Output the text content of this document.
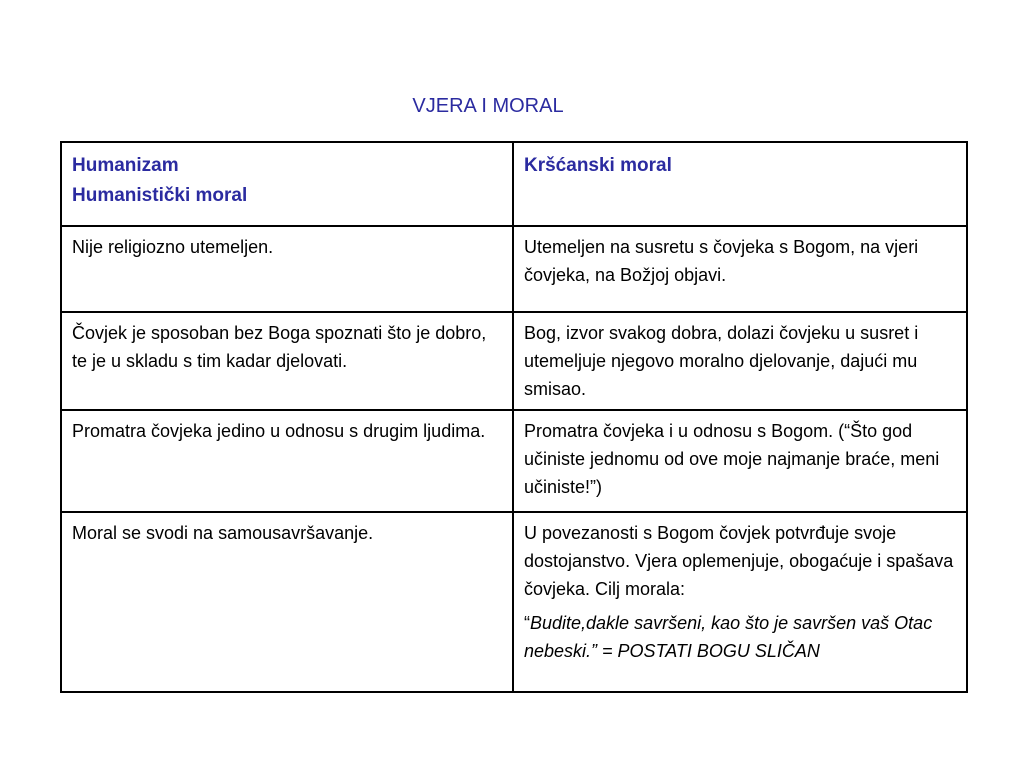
VJERA I MORAL
Humanizam
Humanistički moral	Kršćanski moral

Nije religiozno utemeljen.	Utemeljen na susretu s čovjeka s Bogom, na vjeri čovjeka, na Božjoj objavi.
Čovjek je sposoban bez Boga spoznati što je dobro, te je u skladu s tim kadar djelovati.	Bog, izvor svakog dobra, dolazi čovjeku u susret i utemeljuje njegovo moralno djelovanje, dajući mu smisao.
Promatra čovjeka jedino u odnosu s drugim ljudima.	Promatra čovjeka i u odnosu s Bogom. (“Što god učiniste jednomu od ove moje najmanje braće, meni učiniste!”)
Moral se svodi na samousavršavanje.	U povezanosti s Bogom čovjek potvrđuje svoje dostojanstvo. Vjera oplemenjuje, obogaćuje i spašava čovjeka. Cilj morala:
“Budite,dakle savršeni, kao što je savršen vaš Otac nebeski.” = POSTATI BOGU SLIČAN
